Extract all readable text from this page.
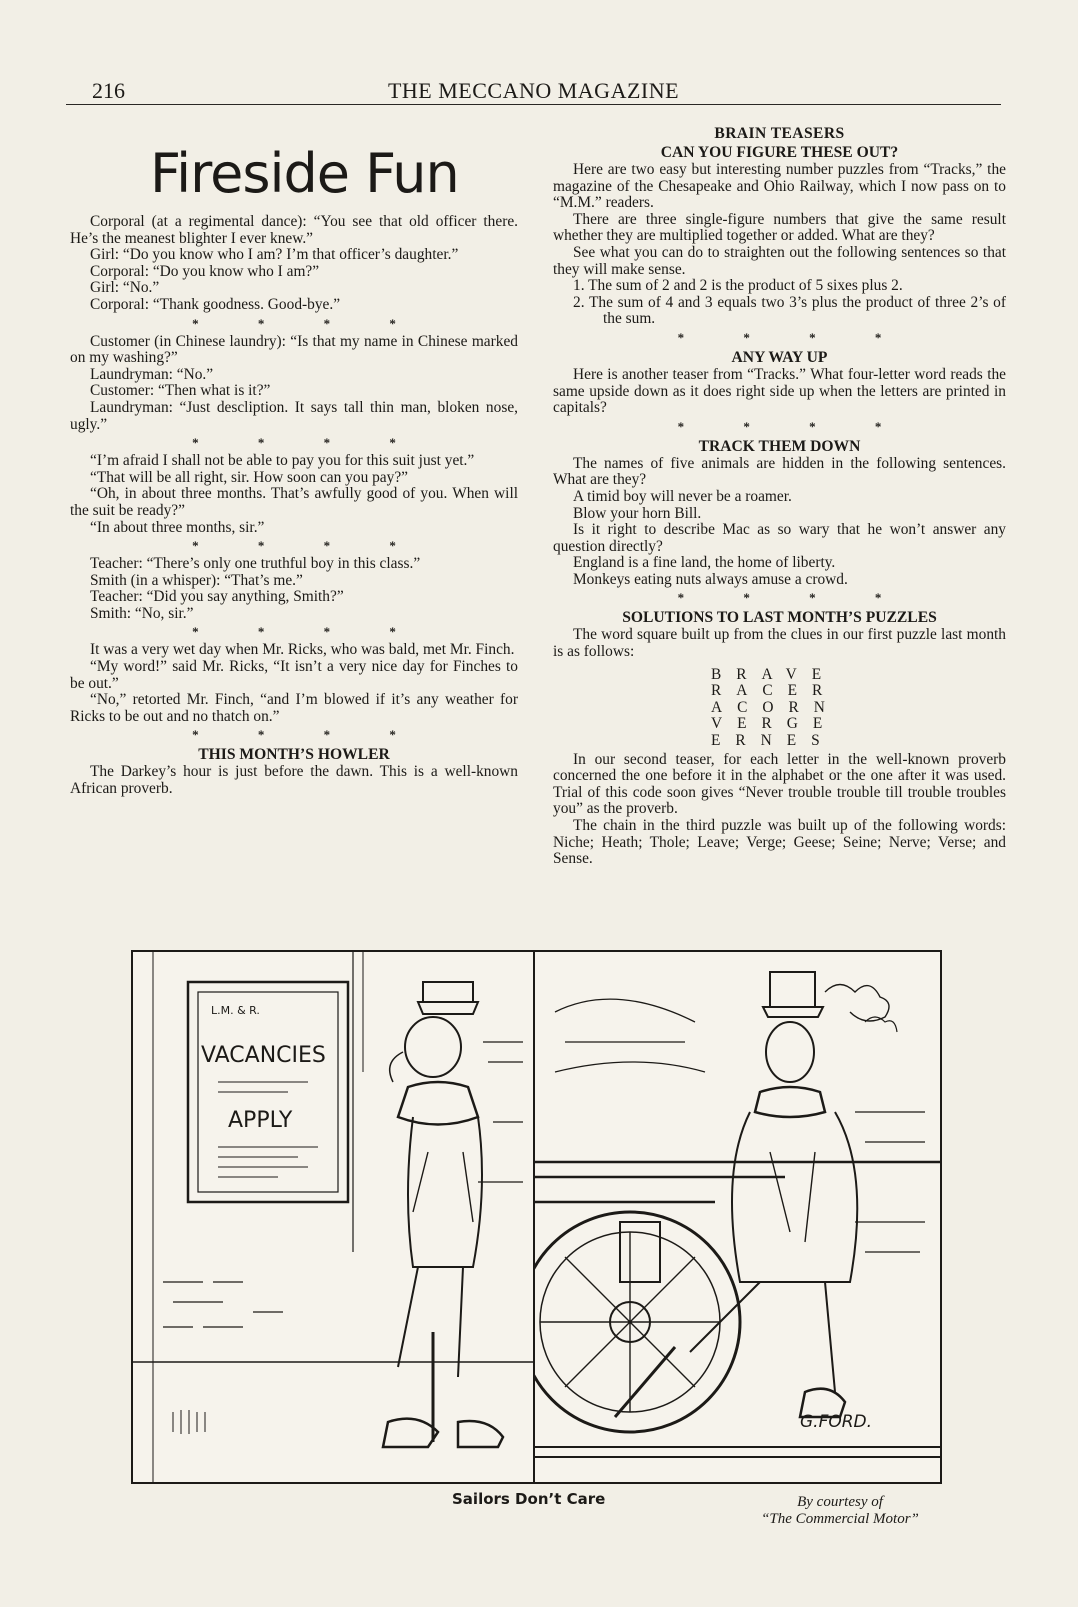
216	THE MECCANO MAGAZINE
Fireside Fun

Corporal (at a regimental dance): “You see that old officer there. He’s the meanest blighter I ever knew.”

Girl: “Do you know who I am? I’m that officer’s daughter.”

Corporal: “Do you know who I am?”

Girl: “No.”

Corporal: “Thank goodness. Good-bye.”

* * * *

Customer (in Chinese laundry): “Is that my name in Chinese marked on my washing?”

Laundryman: “No.”

Customer: “Then what is it?”

Laundryman: “Just descliption. It says tall thin man, bloken nose, ugly.”

* * * *

“I’m afraid I shall not be able to pay you for this suit just yet.”

“That will be all right, sir. How soon can you pay?”

“Oh, in about three months. That’s awfully good of you. When will the suit be ready?”

“In about three months, sir.”

* * * *

Teacher: “There’s only one truthful boy in this class.”

Smith (in a whisper): “That’s me.”

Teacher: “Did you say anything, Smith?”

Smith: “No, sir.”

* * * *

It was a very wet day when Mr. Ricks, who was bald, met Mr. Finch.

“My word!” said Mr. Ricks, “It isn’t a very nice day for Finches to be out.”

“No,” retorted Mr. Finch, “and I’m blowed if it’s any weather for Ricks to be out and no thatch on.”

* * * *
THIS MONTH’S HOWLER

The Darkey’s hour is just before the dawn. This is a well-known African proverb.

BRAIN TEASERS
CAN YOU FIGURE THESE OUT?

Here are two easy but interesting number puzzles from “Tracks,” the magazine of the Chesapeake and Ohio Railway, which I now pass on to “M.M.” readers.

There are three single-figure numbers that give the same result whether they are multiplied together or added. What are they?

See what you can do to straighten out the following sentences so that they will make sense.

1. The sum of 2 and 2 is the product of 5 sixes plus 2.

2. The sum of 4 and 3 equals two 3’s plus the product of three 2’s of the sum.

* * * *
ANY WAY UP

Here is another teaser from “Tracks.” What four-letter word reads the same upside down as it does right side up when the letters are printed in capitals?

* * * *
TRACK THEM DOWN

The names of five animals are hidden in the following sentences. What are they?

A timid boy will never be a roamer.

Blow your horn Bill.

Is it right to describe Mac as so wary that he won’t answer any question directly?

England is a fine land, the home of liberty.

Monkeys eating nuts always amuse a crowd.

* * * *
SOLUTIONS TO LAST MONTH’S PUZZLES

The word square built up from the clues in our first puzzle last month is as follows:

BRAVE
RACER
ACORN
VERGE
ERNES

In our second teaser, for each letter in the well-known proverb concerned the one before it in the alphabet or the one after it was used. Trial of this code soon gives “Never trouble trouble till trouble troubles you” as the proverb.

The chain in the third puzzle was built up of the following words: Niche; Heath; Thole; Leave; Verge; Geese; Seine; Nerve; Verse; and Sense.

L.M. & R.
VACANCIES
APPLY
G.FORD.
Sailors Don’t Care	By courtesy of
“The Commercial Motor”
